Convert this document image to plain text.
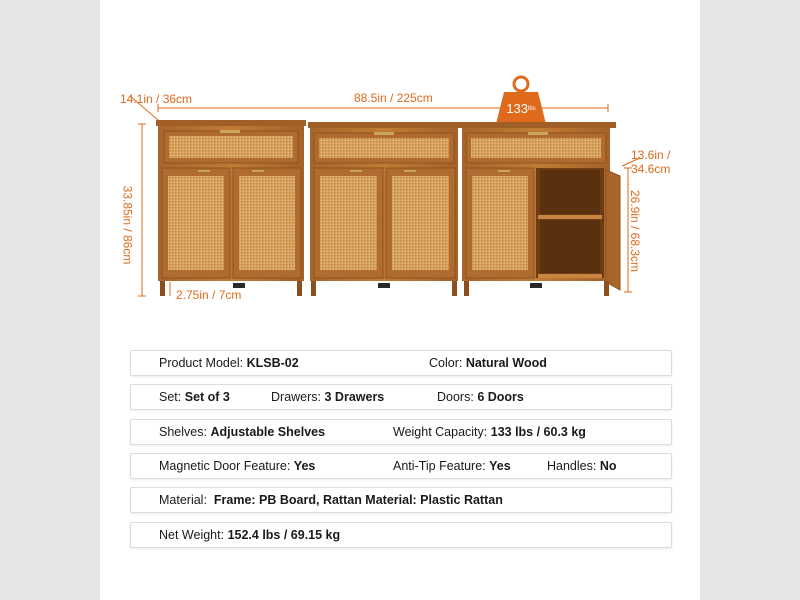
14.1in / 36cm	88.5in / 225cm
33.85in / 86cm
2.75in / 7cm
13.6in / 34.6cm
26.9in / 68.3cm
$133^{lbs}$
Product Model: KLSB-02	Color: Natural Wood
Set: Set of 3	Drawers: 3 Drawers	Doors: 6 Doors
Shelves: Adjustable Shelves	Weight Capacity: 133 lbs / 60.3 kg
Magnetic Door Feature: Yes	Anti-Tip Feature: Yes	Handles: No
Material: Frame: PB Board, Rattan Material: Plastic Rattan
Net Weight: 152.4 lbs / 69.15 kg
